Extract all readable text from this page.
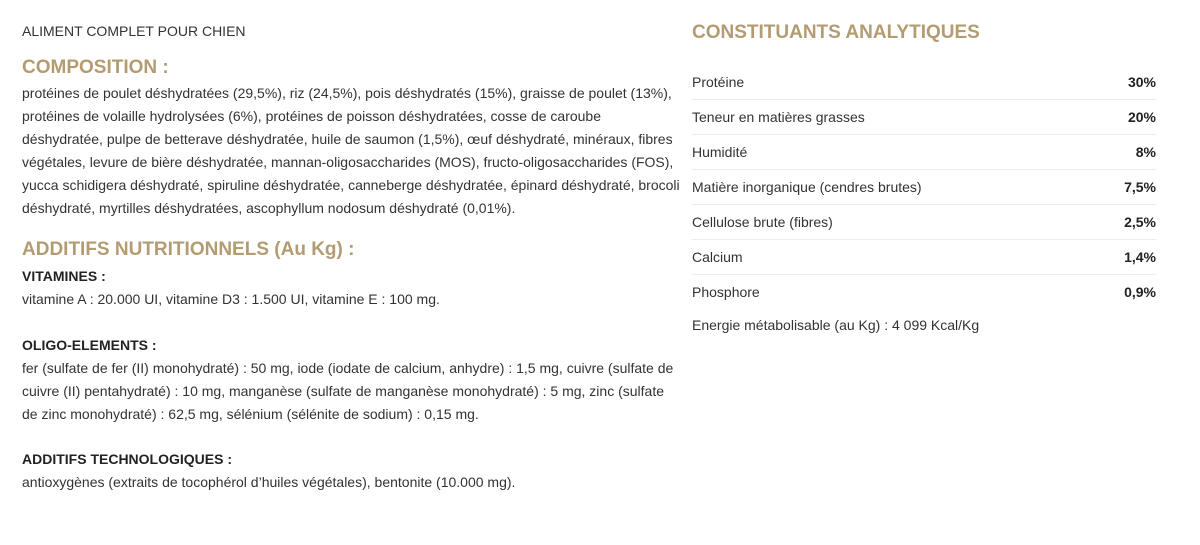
ALIMENT COMPLET POUR CHIEN

COMPOSITION :

protéines de poulet déshydratées (29,5%), riz (24,5%), pois déshydratés (15%), graisse de poulet (13%), protéines de volaille hydrolysées (6%), protéines de poisson déshydratées, cosse de caroube déshydratée, pulpe de betterave déshydratée, huile de saumon (1,5%), œuf déshydraté, minéraux, fibres végétales, levure de bière déshydratée, mannan-oligosaccharides (MOS), fructo-oligosaccharides (FOS), yucca schidigera déshydraté, spiruline déshydratée, canneberge déshydratée, épinard déshydraté, brocoli déshydraté, myrtilles déshydratées, ascophyllum nodosum déshydraté (0,01%).

ADDITIFS NUTRITIONNELS (Au Kg) :

VITAMINES :

vitamine A : 20.000 UI, vitamine D3 : 1.500 UI, vitamine E : 100 mg.

OLIGO-ELEMENTS :

fer (sulfate de fer (II) monohydraté) : 50 mg, iode (iodate de calcium, anhydre) : 1,5 mg, cuivre (sulfate de cuivre (II) pentahydraté) : 10 mg, manganèse (sulfate de manganèse monohydraté) : 5 mg, zinc (sulfate de zinc monohydraté) : 62,5 mg, sélénium (sélénite de sodium) : 0,15 mg.

ADDITIFS TECHNOLOGIQUES :

antioxygènes (extraits de tocophérol d’huiles végétales), bentonite (10.000 mg).

CONSTITUANTS ANALYTIQUES
Protéine	30%
Teneur en matières grasses	20%
Humidité	8%
Matière inorganique (cendres brutes)	7,5%
Cellulose brute (fibres)	2,5%
Calcium	1,4%
Phosphore	0,9%

Energie métabolisable (au Kg) : 4 099 Kcal/Kg
